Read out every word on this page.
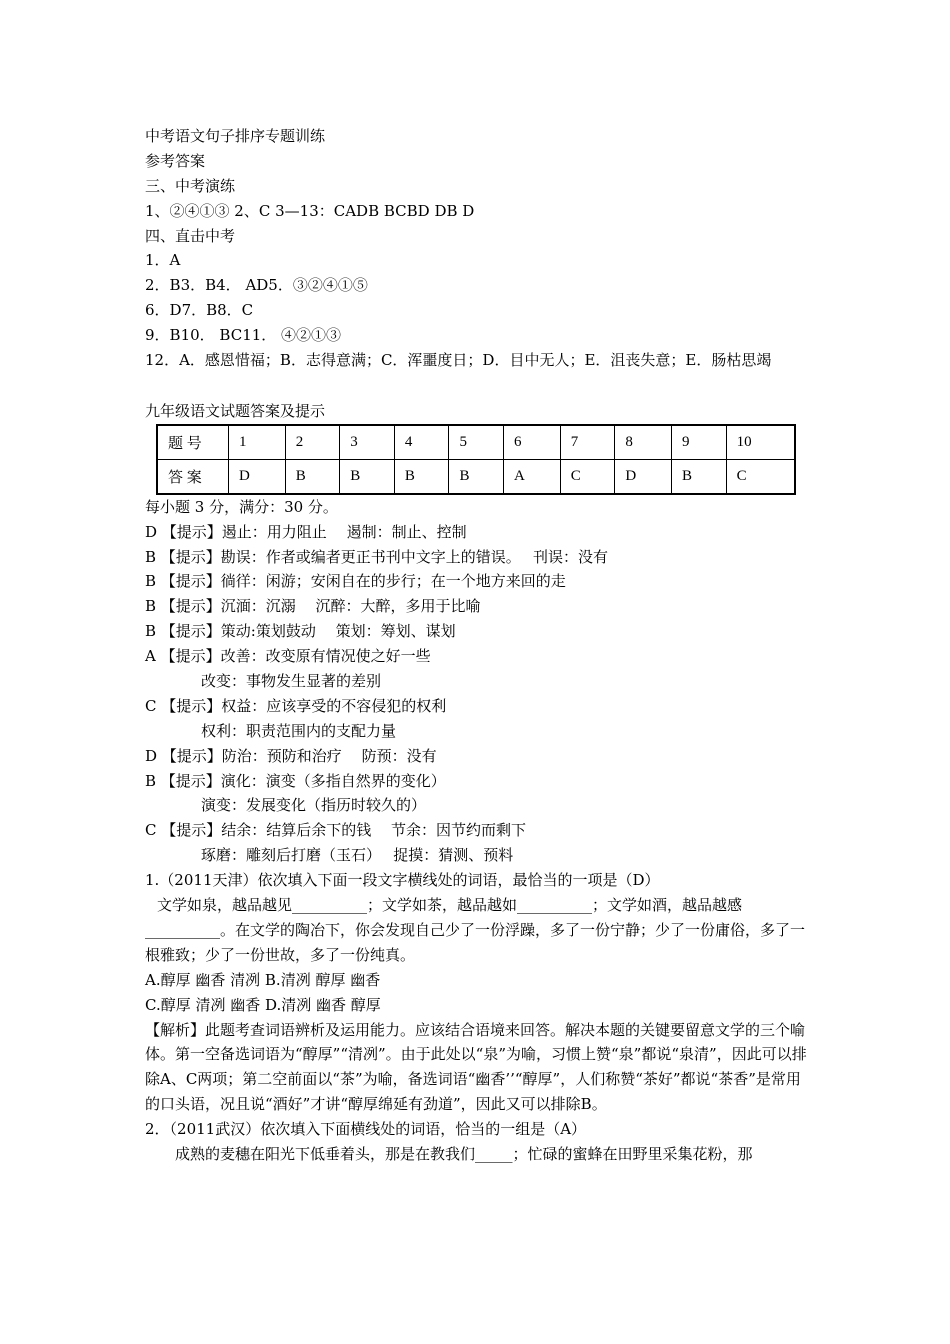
中考语文句子排序专题训练
参考答案
三、中考演练
1、②④①③ 2、C 3—13：CADB BCBD DB D
四、直击中考
1．A
2．B3．B4． AD5．③②④①⑤
6．D7．B8．C
9．B10． BC11． ④②①③
12．A．感恩惜福；B．志得意满；C．浑噩度日；D．目中无人；E．沮丧失意；E．肠枯思竭
九年级语文试题答案及提示
题 号	1	2	3	4	5	6	7	8	9	10
答 案	D	B	B	B	B	A	C	D	B	C
每小题 3 分，满分：30 分。
D 【提示】遏止：用力阻止　 遏制：制止、控制
B 【提示】勘误：作者或编者更正书刊中文字上的错误。　 刊误：没有
B 【提示】徜徉：闲游；安闲自在的步行；在一个地方来回的走
B 【提示】沉湎：沉溺　 沉醉：大醉，多用于比喻
B 【提示】策动:策划鼓动　 策划：筹划、谋划
A 【提示】改善：改变原有情况使之好一些
改变：事物发生显著的差别
C 【提示】权益：应该享受的不容侵犯的权利
权利：职责范围内的支配力量
D 【提示】防治：预防和治疗　 防预：没有
B 【提示】演化：演变（多指自然界的变化）
演变：发展变化（指历时较久的）
C 【提示】结余：结算后余下的钱　 节余：因节约而剩下
琢磨：雕刻后打磨（玉石）　 捉摸：猜测、预料
1.（2011天津）依次填入下面一段文字横线处的词语，最恰当的一项是（D）
文学如泉，越品越见__________；文学如茶，越品越如__________；文学如酒，越品越感__________。在文学的陶冶下，你会发现自己少了一份浮躁，多了一份宁静；少了一份庸俗，多了一根雅致；少了一份世故，多了一份纯真。
A.醇厚 幽香 清冽 B.清冽 醇厚 幽香
C.醇厚 清冽 幽香 D.清冽 幽香 醇厚
【解析】此题考查词语辨析及运用能力。应该结合语境来回答。解决本题的关键要留意文学的三个喻体。第一空备选词语为“醇厚”“清冽”。由于此处以“泉”为喻，习惯上赞“泉”都说“泉清”，因此可以排除A、C两项；第二空前面以“茶”为喻，备选词语“幽香’’“醇厚”，人们称赞“茶好”都说“茶香”是常用的口头语，况且说“酒好”才讲“醇厚绵延有劲道”，因此又可以排除B。
2．（2011武汉）依次填入下面横线处的词语，恰当的一组是（A）
成熟的麦穗在阳光下低垂着头，那是在教我们_____；忙碌的蜜蜂在田野里采集花粉，那
